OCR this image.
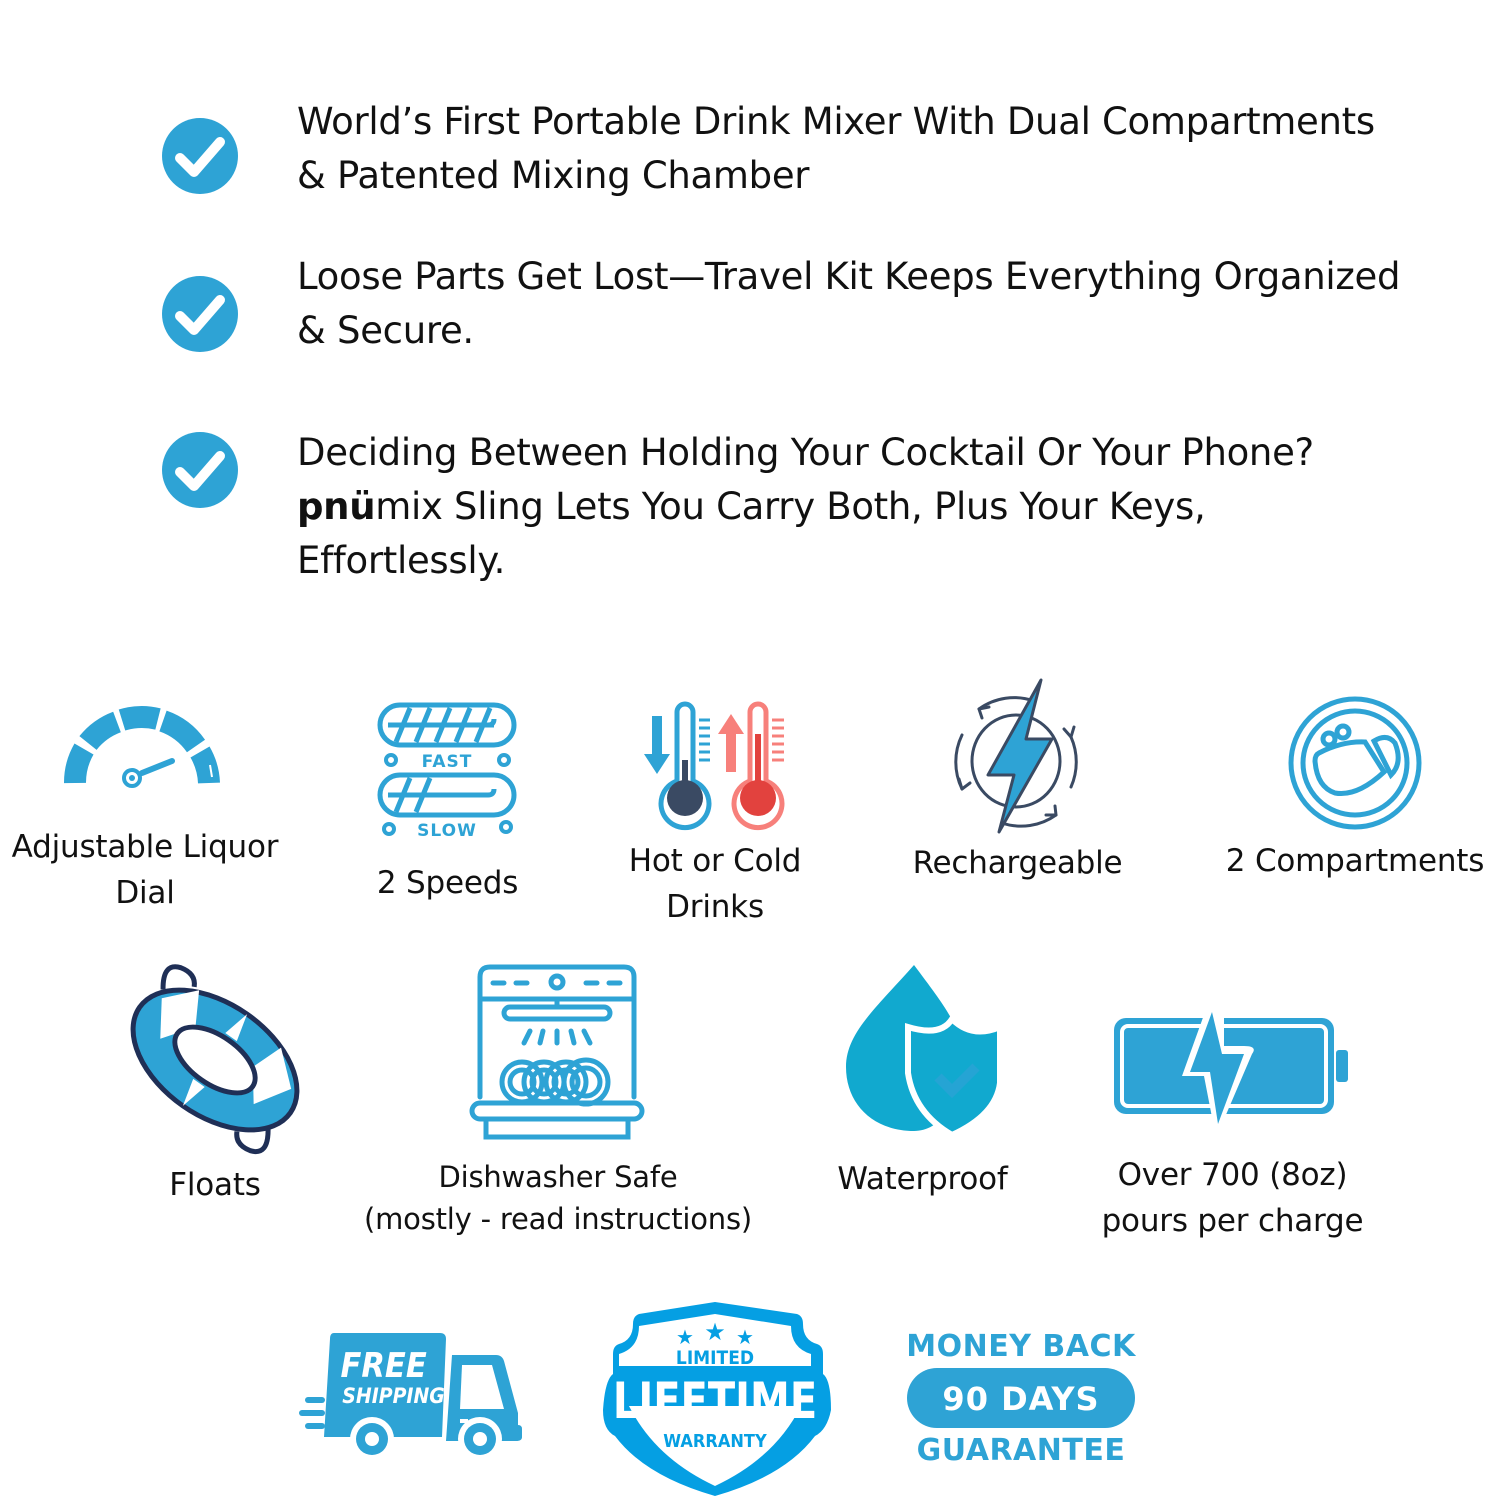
World’s First Portable Drink Mixer With Dual Compartments
& Patented Mixing Chamber
Loose Parts Get Lost—Travel Kit Keeps Everything Organized
& Secure.
Deciding Between Holding Your Cocktail Or Your Phone?
pnümix Sling Lets You Carry Both, Plus Your Keys,
Effortlessly.
Adjustable Liquor
Dial
FAST
SLOW
2 Speeds
Hot or Cold
Drinks
Rechargeable	2 Compartments
Floats	Dishwasher Safe
(mostly - read instructions)
Waterproof	Over 700 (8oz)
pours per charge
FREE
SHIPPING
★ ★ ★
LIMITED
LIFETIME
WARRANTY
MONEY BACK
90 DAYS
GUARANTEE
